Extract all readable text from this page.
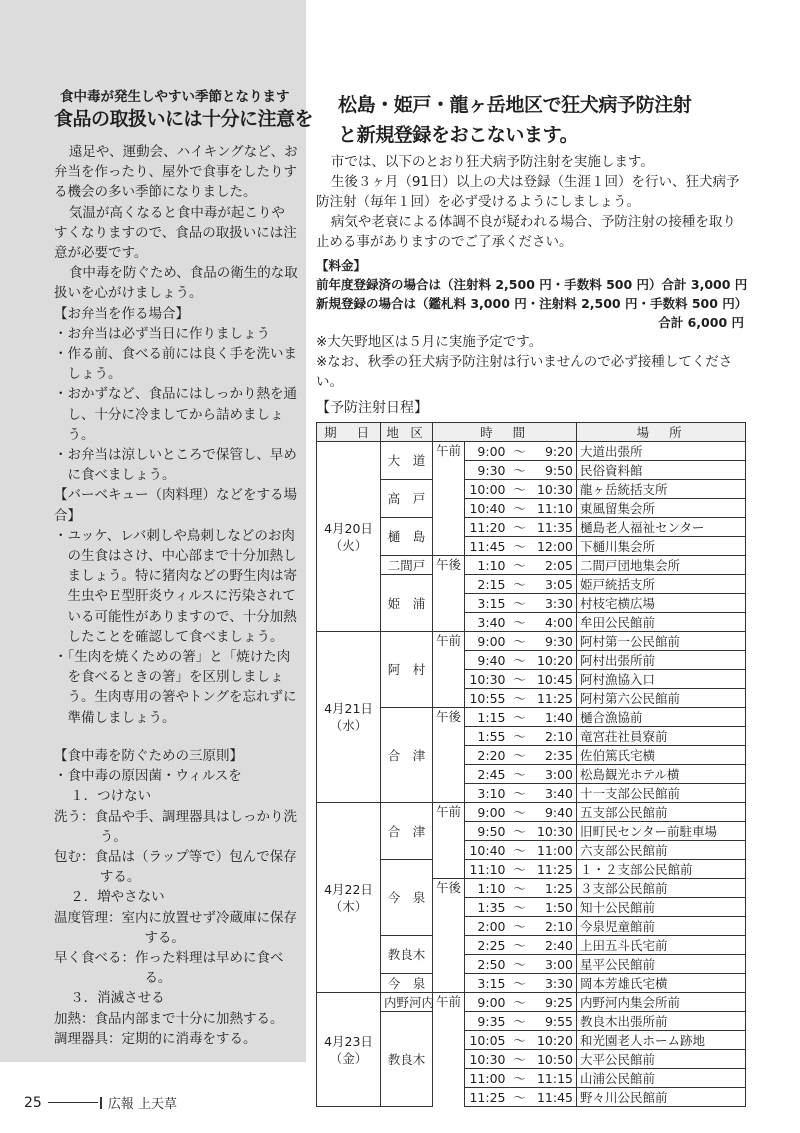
食中毒が発生しやすい季節となります

食品の取扱いには十分に注意を

遠足や、運動会、ハイキングなど、お弁当を作ったり、屋外で食事をしたりする機会の多い季節になりました。

気温が高くなると食中毒が起こりやすくなりますので、食品の取扱いには注意が必要です。

食中毒を防ぐため、食品の衛生的な取扱いを心がけましょう。

【お弁当を作る場合】

・お弁当は必ず当日に作りましょう

・作る前、食べる前には良く手を洗いましょう。

・おかずなど、食品にはしっかり熱を通し、十分に冷ましてから詰めましょう。

・お弁当は涼しいところで保管し、早めに食べましょう。

【バーベキュー（肉料理）などをする場合】

・ユッケ、レバ刺しや鳥刺しなどのお肉の生食はさけ、中心部まで十分加熱しましょう。特に猪肉などの野生肉は寄生虫やＥ型肝炎ウィルスに汚染されている可能性がありますので、十分加熱したことを確認して食べましょう。

・「生肉を焼くための箸」と「焼けた肉を食べるときの箸」を区別しましょう。生肉専用の箸やトングを忘れずに準備しましょう。

【食中毒を防ぐための三原則】

・食中毒の原因菌・ウィルスを

１．つけない

洗う：食品や手、調理器具はしっかり洗う。

包む：食品は（ラップ等で）包んで保存する。

２．増やさない

温度管理：室内に放置せず冷蔵庫に保存する。

早く食べる：作った料理は早めに食べる。

３．消滅させる

加熱：食品内部まで十分に加熱する。

調理器具：定期的に消毒をする。

松島・姫戸・龍ヶ岳地区で狂犬病予防注射

と新規登録をおこないます。

市では、以下のとおり狂犬病予防注射を実施します。

生後３ヶ月（91日）以上の犬は登録（生涯１回）を行い、狂犬病予防注射（毎年１回）を必ず受けるようにしましょう。

病気や老衰による体調不良が疑われる場合、予防注射の接種を取り止める事がありますのでご了承ください。

【料金】

前年度登録済の場合は（注射料 2,500 円・手数料 500 円）合計 3,000 円

新規登録の場合は（鑑札料 3,000 円・注射料 2,500 円・手数料 500 円）

合計 6,000 円

※大矢野地区は５月に実施予定です。

※なお、秋季の狂犬病予防注射は行いませんので必ず接種してください。

【予防注射日程】

期　日	地 区	時　間				場　所
4月20日
（火）	大　道	午前	9:00	～	9:20	大道出張所
			9:30	～	9:50	民俗資料館
	高　戸		10:00	～	10:30	龍ヶ岳統括支所
			10:40	～	11:10	東風留集会所
	樋　島		11:20	～	11:35	樋島老人福祉センター
			11:45	～	12:00	下樋川集会所
	二間戸	午後	1:10	～	2:05	二間戸団地集会所
	姫　浦		2:15	～	3:05	姫戸統括支所
			3:15	～	3:30	村枝宅横広場
			3:40	～	4:00	牟田公民館前
4月21日
（水）	阿　村	午前	9:00	～	9:30	阿村第一公民館前
			9:40	～	10:20	阿村出張所前
			10:30	～	10:45	阿村漁協入口
			10:55	～	11:25	阿村第六公民館前
	合　津	午後	1:15	～	1:40	樋合漁協前
			1:55	～	2:10	竜宮荘社員寮前
			2:20	～	2:35	佐伯篤氏宅横
			2:45	～	3:00	松島観光ホテル横
			3:10	～	3:40	十一支部公民館前
4月22日
（木）	合　津	午前	9:00	～	9:40	五支部公民館前
			9:50	～	10:30	旧町民センター前駐車場
			10:40	～	11:00	六支部公民館前
	今　泉		11:10	～	11:25	１・２支部公民館前
		午後	1:10	～	1:25	３支部公民館前
			1:35	～	1:50	知十公民館前
			2:00	～	2:10	今泉児童館前
	教良木		2:25	～	2:40	上田五斗氏宅前
			2:50	～	3:00	星平公民館前
	今　泉		3:15	～	3:30	岡本芳雄氏宅横
4月23日
（金）	内野河内	午前	9:00	～	9:25	内野河内集会所前
	教良木		9:35	～	9:55	教良木出張所前
			10:05	～	10:20	和光園老人ホーム跡地
			10:30	～	10:50	大平公民館前
			11:00	～	11:15	山浦公民館前
			11:25	～	11:45	野々川公民館前
25	広報 上天草
